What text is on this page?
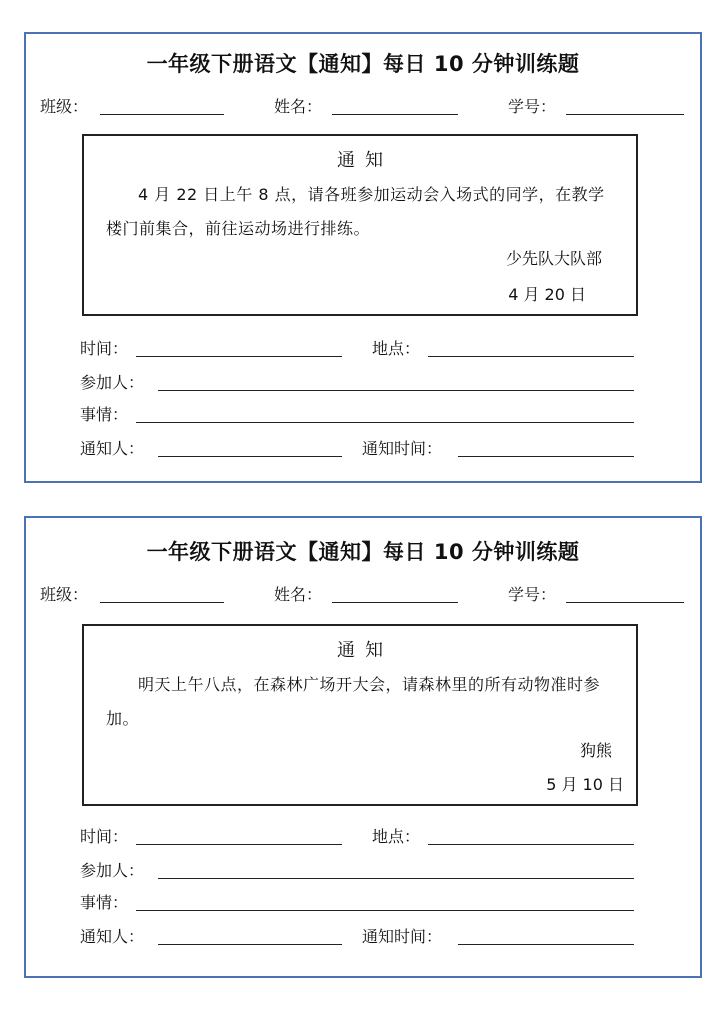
一年级下册语文【通知】每日 10 分钟训练题
班级：	姓名：	学号：
通知
4 月 22 日上午 8 点，请各班参加运动会入场式的同学，在教学楼门前集合，前往运动场进行排练。
少先队大队部
4 月 20 日
时间：	地点：
参加人：
事情：
通知人：	通知时间：
一年级下册语文【通知】每日 10 分钟训练题
班级：	姓名：	学号：
通知
明天上午八点，在森林广场开大会，请森林里的所有动物准时参加。
狗熊
5 月 10 日
时间：	地点：
参加人：
事情：
通知人：	通知时间：
